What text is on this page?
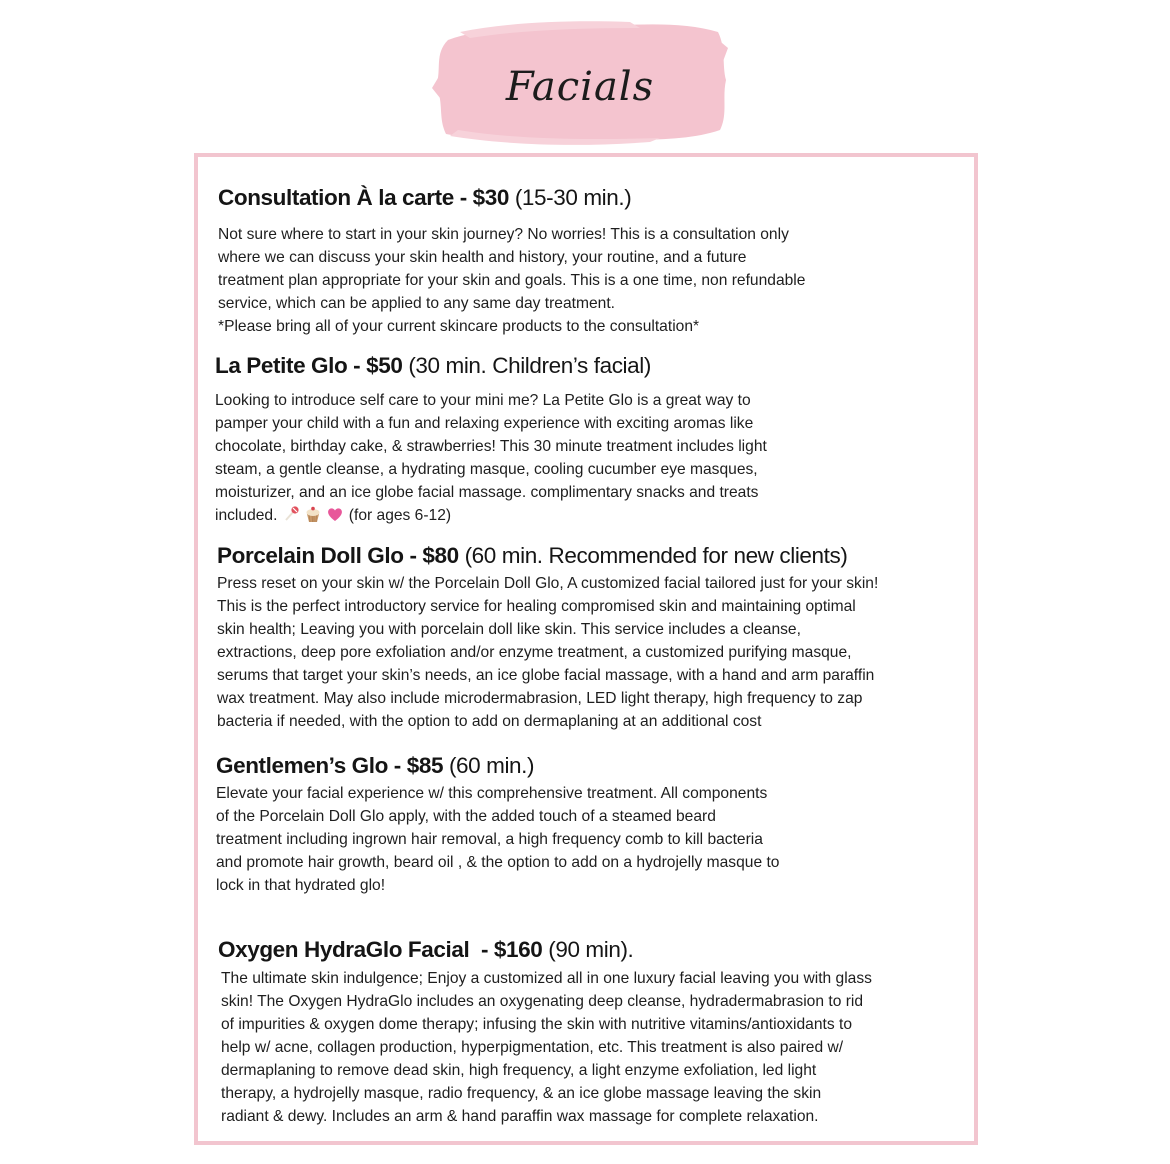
Facials
Consultation À la carte - $30 (15-30 min.)

Not sure where to start in your skin journey? No worries! This is a consultation only
where we can discuss your skin health and history, your routine, and a future
treatment plan appropriate for your skin and goals. This is a one time, non refundable
service, which can be applied to any same day treatment.
*Please bring all of your current skincare products to the consultation*

La Petite Glo - $50 (30 min. Children’s facial)

Looking to introduce self care to your mini me? La Petite Glo is a great way to
pamper your child with a fun and relaxing experience with exciting aromas like
chocolate, birthday cake, & strawberries! This 30 minute treatment includes light
steam, a gentle cleanse, a hydrating masque, cooling cucumber eye masques,
moisturizer, and an ice globe facial massage. complimentary snacks and treats
included.	(for ages 6-12)

Porcelain Doll Glo - $80 (60 min. Recommended for new clients)

Press reset on your skin w/ the Porcelain Doll Glo, A customized facial tailored just for your skin!
This is the perfect introductory service for healing compromised skin and maintaining optimal
skin health; Leaving you with porcelain doll like skin. This service includes a cleanse,
extractions, deep pore exfoliation and/or enzyme treatment, a customized purifying masque,
serums that target your skin’s needs, an ice globe facial massage, with a hand and arm paraffin
wax treatment. May also include microdermabrasion, LED light therapy, high frequency to zap
bacteria if needed, with the option to add on dermaplaning at an additional cost

Gentlemen’s Glo - $85 (60 min.)

Elevate your facial experience w/ this comprehensive treatment. All components
of the Porcelain Doll Glo apply, with the added touch of a steamed beard
treatment including ingrown hair removal, a high frequency comb to kill bacteria
and promote hair growth, beard oil , & the option to add on a hydrojelly masque to
lock in that hydrated glo!

Oxygen HydraGlo Facial  - $160 (90 min).

The ultimate skin indulgence; Enjoy a customized all in one luxury facial leaving you with glass
skin! The Oxygen HydraGlo includes an oxygenating deep cleanse, hydradermabrasion to rid
of impurities & oxygen dome therapy; infusing the skin with nutritive vitamins/antioxidants to
help w/ acne, collagen production, hyperpigmentation, etc. This treatment is also paired w/
dermaplaning to remove dead skin, high frequency, a light enzyme exfoliation, led light
therapy, a hydrojelly masque, radio frequency, & an ice globe massage leaving the skin
radiant & dewy. Includes an arm & hand paraffin wax massage for complete relaxation.
